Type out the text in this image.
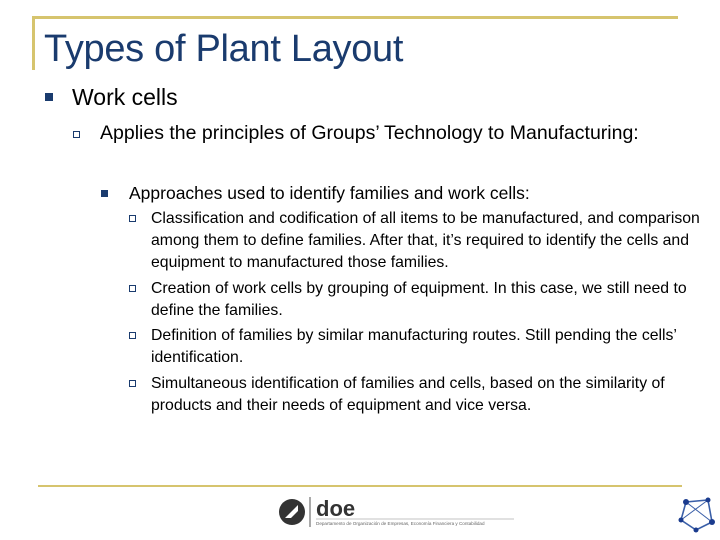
Types of Plant Layout
Work cells
Applies the principles of Groups’ Technology to Manufacturing:
Approaches used to identify families and work cells:
Classification and codification of all items to be manufactured, and comparison among them to define families. After that, it’s required to identify the cells and equipment to manufactured those families.
Creation of work cells by grouping of equipment. In this case, we still need to define the families.
Definition of families by similar manufacturing routes. Still pending the cells’ identification.
Simultaneous identification of families and cells, based on the similarity of products and their needs of equipment and vice versa.
doe
Departamento de Organización de Empresas, Economía Financiera y Contabilidad
